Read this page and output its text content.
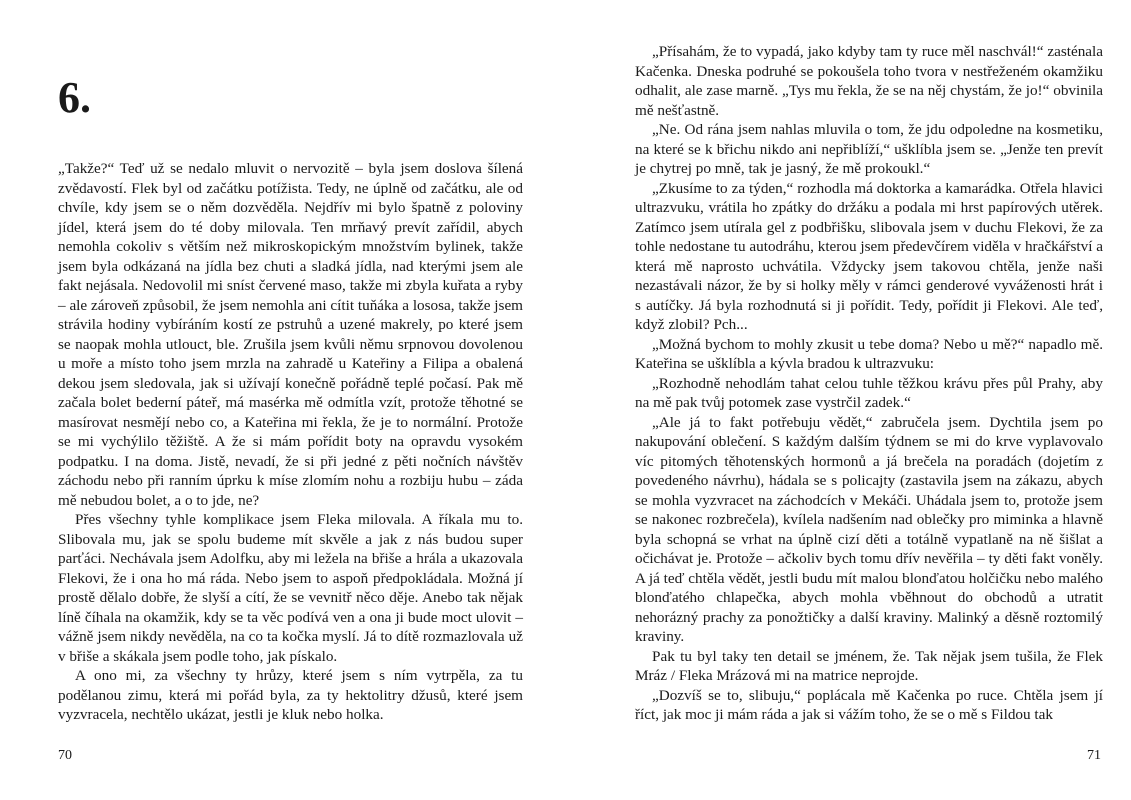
6.

„Takže?“ Teď už se nedalo mluvit o nervozitě – byla jsem doslova šílená zvědavostí. Flek byl od začátku potížista. Tedy, ne úplně od začátku, ale od chvíle, kdy jsem se o něm dozvěděla. Nejdřív mi bylo špatně z poloviny jídel, která jsem do té doby milovala. Ten mrňavý prevít zařídil, abych nemohla cokoliv s větším než mikroskopickým množstvím bylinek, takže jsem byla odkázaná na jídla bez chuti a sladká jídla, nad kterými jsem ale fakt nejásala. Nedovolil mi sníst červené maso, takže mi zbyla kuřata a ryby – ale zároveň způsobil, že jsem nemohla ani cítit tuňáka a lososa, takže jsem strávila hodiny vybíráním kostí ze pstruhů a uzené makrely, po které jsem se naopak mohla utlouct, ble. Zrušila jsem kvůli němu srpnovou dovolenou u moře a místo toho jsem mrzla na zahradě u Kateřiny a Filipa a obalená dekou jsem sledovala, jak si užívají konečně pořádně teplé počasí. Pak mě začala bolet bederní páteř, má masérka mě odmítla vzít, protože těhotné se masírovat nesmějí nebo co, a Kateřina mi řekla, že je to normální. Protože se mi vychýlilo těžiště. A že si mám pořídit boty na opravdu vysokém podpatku. I na doma. Jistě, nevadí, že si při jedné z pěti nočních návštěv záchodu nebo při ranním úprku k míse zlomím nohu a rozbiju hubu – záda mě nebudou bolet, a o to jde, ne?

Přes všechny tyhle komplikace jsem Fleka milovala. A říkala mu to. Slibovala mu, jak se spolu budeme mít skvěle a jak z nás budou super parťáci. Nechávala jsem Adolfku, aby mi ležela na břiše a hrála a ukazovala Flekovi, že i ona ho má ráda. Nebo jsem to aspoň předpokládala. Možná jí prostě dělalo dobře, že slyší a cítí, že se vevnitř něco děje. Anebo tak nějak líně číhala na okamžik, kdy se ta věc podívá ven a ona ji bude moct ulovit – vážně jsem nikdy nevěděla, na co ta kočka myslí. Já to dítě rozmazlovala už v břiše a skákala jsem podle toho, jak pískalo.

A ono mi, za všechny ty hrůzy, které jsem s ním vytrpěla, za tu podělanou zimu, která mi pořád byla, za ty hektolitry džusů, které jsem vyzvracela, nechtělo ukázat, jestli je kluk nebo holka.

70

„Přísahám, že to vypadá, jako kdyby tam ty ruce měl naschvál!“ zasténala Kačenka. Dneska podruhé se pokoušela toho tvora v nestřeženém okamžiku odhalit, ale zase marně. „Tys mu řekla, že se na něj chystám, že jo!“ obvinila mě nešťastně.

„Ne. Od rána jsem nahlas mluvila o tom, že jdu odpoledne na kosmetiku, na které se k břichu nikdo ani nepřiblíží,“ ušklíbla jsem se. „Jenže ten prevít je chytrej po mně, tak je jasný, že mě prokoukl.“

„Zkusíme to za týden,“ rozhodla má doktorka a kamarádka. Otřela hlavici ultrazvuku, vrátila ho zpátky do držáku a podala mi hrst papírových utěrek. Zatímco jsem utírala gel z podbřišku, slibovala jsem v duchu Flekovi, že za tohle nedostane tu autodráhu, kterou jsem předevčírem viděla v hračkářství a která mě naprosto uchvátila. Vždycky jsem takovou chtěla, jenže naši nezastávali názor, že by si holky měly v rámci genderové vyváženosti hrát i s autíčky. Já byla rozhodnutá si ji pořídit. Tedy, pořídit ji Flekovi. Ale teď, když zlobil? Pch...

„Možná bychom to mohly zkusit u tebe doma? Nebo u mě?“ napadlo mě. Kateřina se ušklíbla a kývla bradou k ultrazvuku:

„Rozhodně nehodlám tahat celou tuhle těžkou krávu přes půl Prahy, aby na mě pak tvůj potomek zase vystrčil zadek.“

„Ale já to fakt potřebuju vědět,“ zabručela jsem. Dychtila jsem po nakupování oblečení. S každým dalším týdnem se mi do krve vyplavovalo víc pitomých těhotenských hormonů a já brečela na poradách (dojetím z povedeného návrhu), hádala se s policajty (zastavila jsem na zákazu, abych se mohla vyzvracet na záchodcích v Mekáči. Uhádala jsem to, protože jsem se nakonec rozbrečela), kvílela nadšením nad oblečky pro miminka a hlavně byla schopná se vrhat na úplně cizí děti a totálně vypatlaně na ně šišlat a očichávat je. Protože – ačkoliv bych tomu dřív nevěřila – ty děti fakt voněly. A já teď chtěla vědět, jestli budu mít malou blonďatou holčičku nebo malého blonďatého chlapečka, abych mohla vběhnout do obchodů a utratit nehorázný prachy za ponožtičky a další kraviny. Malinký a děsně roztomilý kraviny.

Pak tu byl taky ten detail se jménem, že. Tak nějak jsem tušila, že Flek Mráz / Fleka Mrázová mi na matrice neprojde.

„Dozvíš se to, slibuju,“ poplácala mě Kačenka po ruce. Chtěla jsem jí říct, jak moc ji mám ráda a jak si vážím toho, že se o mě s Fildou tak

71
